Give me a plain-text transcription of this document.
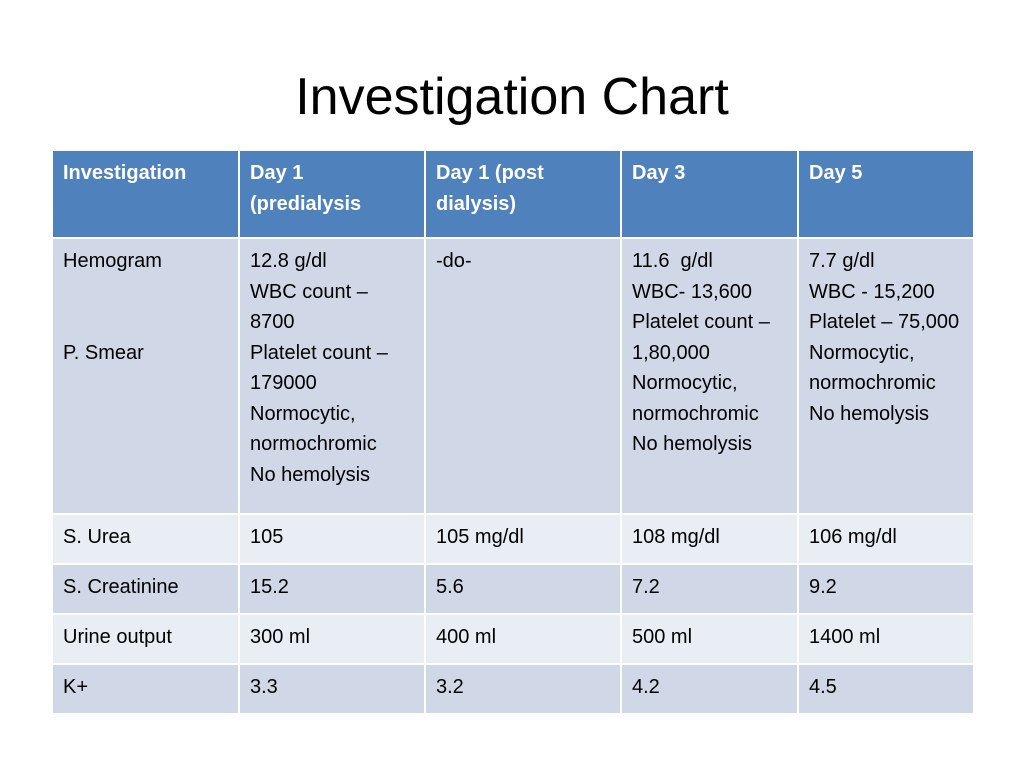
Investigation Chart
Investigation	Day 1 (predialysis	Day 1 (post dialysis)	Day 3	Day 5

Hemogram
P. Smear	12.8 g/dl
WBC count – 8700
Platelet count – 179000
Normocytic, normochromic
No hemolysis	-do-	11.6  g/dl
WBC- 13,600
Platelet count – 1,80,000
Normocytic, normochromic
No hemolysis	7.7 g/dl
WBC - 15,200
Platelet – 75,000
Normocytic, normochromic
No hemolysis

S. Urea	105	105 mg/dl	108 mg/dl	106 mg/dl
S. Creatinine	15.2	5.6	7.2	9.2
Urine output	300 ml	400 ml	500 ml	1400 ml
K+	3.3	3.2	4.2	4.5
